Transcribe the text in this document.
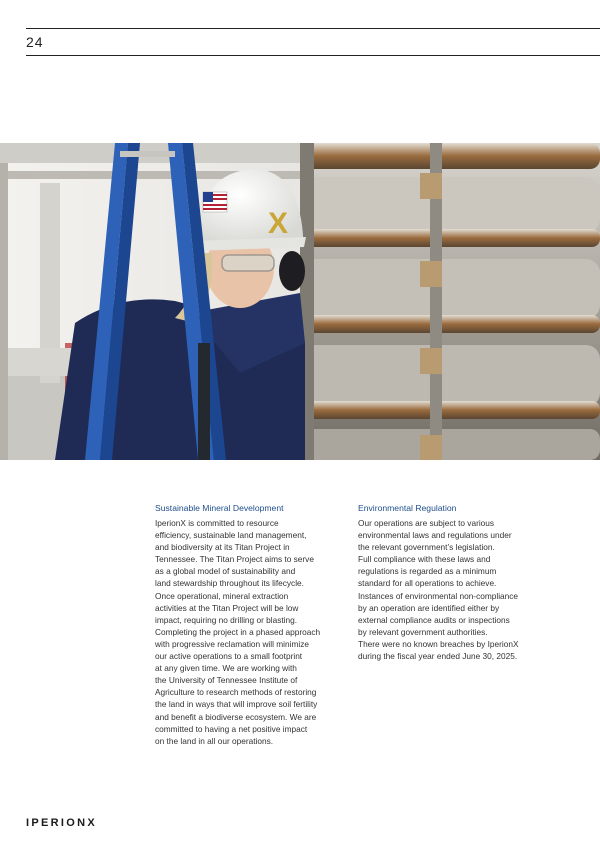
24
X
Sustainable Mineral Development

IperionX is committed to resource
efficiency, sustainable land management,
and biodiversity at its Titan Project in
Tennessee. The Titan Project aims to serve
as a global model of sustainability and
land stewardship throughout its lifecycle.
Once operational, mineral extraction
activities at the Titan Project will be low
impact, requiring no drilling or blasting.
Completing the project in a phased approach
with progressive reclamation will minimize
our active operations to a small footprint
at any given time. We are working with
the University of Tennessee Institute of
Agriculture to research methods of restoring
the land in ways that will improve soil fertility
and benefit a biodiverse ecosystem. We are
committed to having a net positive impact
on the land in all our operations.

Environmental Regulation

Our operations are subject to various
environmental laws and regulations under
the relevant government’s legislation.
Full compliance with these laws and
regulations is regarded as a minimum
standard for all operations to achieve.
Instances of environmental non-compliance
by an operation are identified either by
external compliance audits or inspections
by relevant government authorities.
There were no known breaches by IperionX
during the fiscal year ended June 30, 2025.

IPERIONX
